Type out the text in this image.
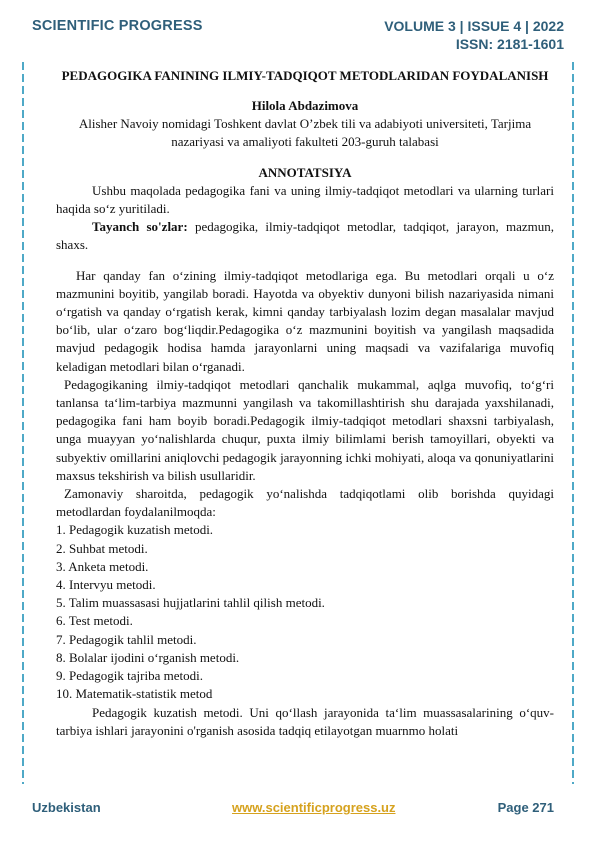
SCIENTIFIC PROGRESS	VOLUME 3 | ISSUE 4 | 2022
ISSN: 2181-1601
PEDAGOGIKA FANINING ILMIY-TADQIQOT METODLARIDAN FOYDALANISH

Hilola Abdazimova

Alisher Navoiy nomidagi Toshkent davlat O’zbek tili va adabiyoti universiteti, Tarjima nazariyasi va amaliyoti fakulteti 203-guruh talabasi

ANNOTATSIYA

Ushbu maqolada pedagogika fani va uning ilmiy-tadqiqot metodlari va ularning turlari haqida so‘z yuritiladi.

Tayanch so'zlar: pedagogika, ilmiy-tadqiqot metodlar, tadqiqot, jarayon, mazmun, shaxs.

Har qanday fan o‘zining ilmiy-tadqiqot metodlariga ega. Bu metodlari orqali u o‘z mazmunini boyitib, yangilab boradi. Hayotda va obyektiv dunyoni bilish nazariyasida nimani o‘rgatish va qanday o‘rgatish kerak, kimni qanday tarbiyalash lozim degan masalalar mavjud bo‘lib, ular o‘zaro bog‘liqdir.Pedagogika o‘z mazmunini boyitish va yangilash maqsadida mavjud pedagogik hodisa hamda jarayonlarni uning maqsadi va vazifalariga muvofiq keladigan metodlari bilan o‘rganadi.

Pedagogikaning ilmiy-tadqiqot metodlari qanchalik mukammal, aqlga muvofiq, to‘g‘ri tanlansa ta‘lim-tarbiya mazmunni yangilash va takomillashtirish shu darajada yaxshilanadi, pedagogika fani ham boyib boradi.Pedagogik ilmiy-tadqiqot metodlari shaxsni tarbiyalash, unga muayyan yo‘nalishlarda chuqur, puxta ilmiy bilimlami berish tamoyillari, obyekti va subyektiv omillarini aniqlovchi pedagogik jarayonning ichki mohiyati, aloqa va qonuniyatlarini maxsus tekshirish va bilish usullaridir.

Zamonaviy sharoitda, pedagogik yo‘nalishda tadqiqotlami olib borishda quyidagi metodlardan foydalanilmoqda:

1. Pedagogik kuzatish metodi.
2. Suhbat metodi.
3. Anketa metodi.
4. Intervyu metodi.
5. Talim muassasasi hujjatlarini tahlil qilish metodi.
6. Test metodi.
7. Pedagogik tahlil metodi.
8. Bolalar ijodini o‘rganish metodi.
9. Pedagogik tajriba metodi.
10. Matematik-statistik metod

Pedagogik kuzatish metodi. Uni qo‘llash jarayonida ta‘lim muassasalarining o‘quv-tarbiya ishlari jarayonini o'rganish asosida tadqiq etilayotgan muarnmo holati

Uzbekistan	www.scientificprogress.uz	Page 271
